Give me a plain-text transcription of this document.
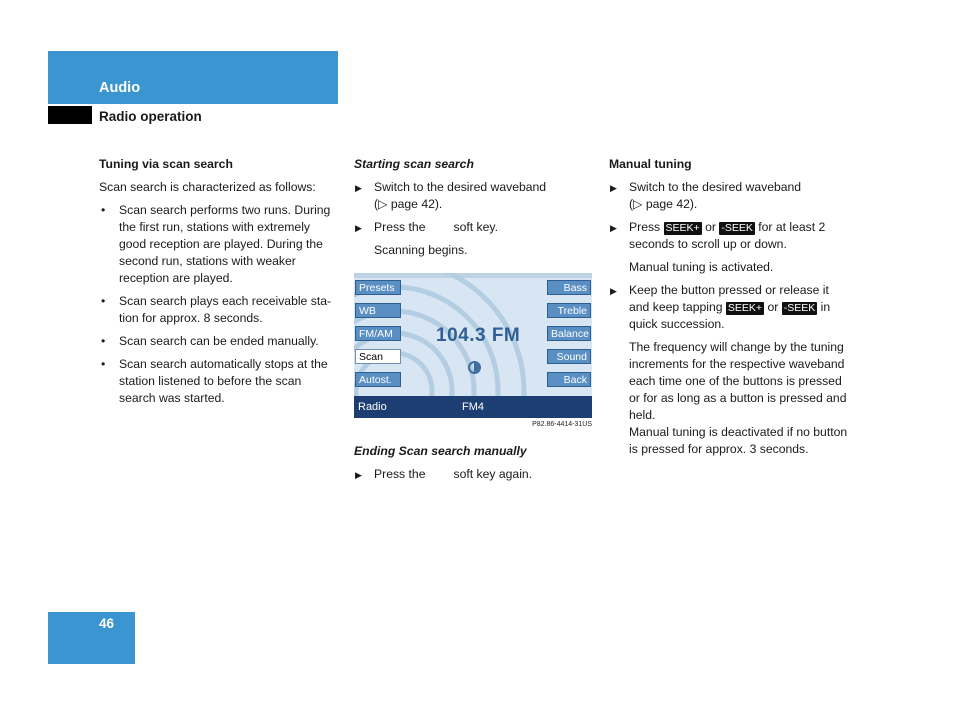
Audio
Radio operation
Tuning via scan search
Scan search is characterized as follows:
• Scan search performs two runs. During the first run, stations with extremely good reception are played. During the second run, stations with weaker reception are played.
• Scan search plays each receivable station for approx. 8 seconds.
• Scan search can be ended manually.
• Scan search automatically stops at the station listened to before the scan search was started.
Starting scan search
▶ Switch to the desired waveband
(▷ page 42).
▶ Press the soft key.
Scanning begins.
Presets
WB
FM/AM
Scan
Autost.
Bass
Treble
Balance
Sound
Back
104.3 FM
Radio	FM4
P82.86-4414-31US
Ending Scan search manually
▶ Press the soft key again.
Manual tuning
▶ Switch to the desired waveband
(▷ page 42).
▶ Press SEEK+ or -SEEK for at least 2 seconds to scroll up or down.
Manual tuning is activated.
▶ Keep the button pressed or release it and keep tapping SEEK+ or -SEEK in quick succession.
The frequency will change by the tuning increments for the respective waveband each time one of the buttons is pressed or for as long as a button is pressed and held.
Manual tuning is deactivated if no button is pressed for approx. 3 seconds.
46
